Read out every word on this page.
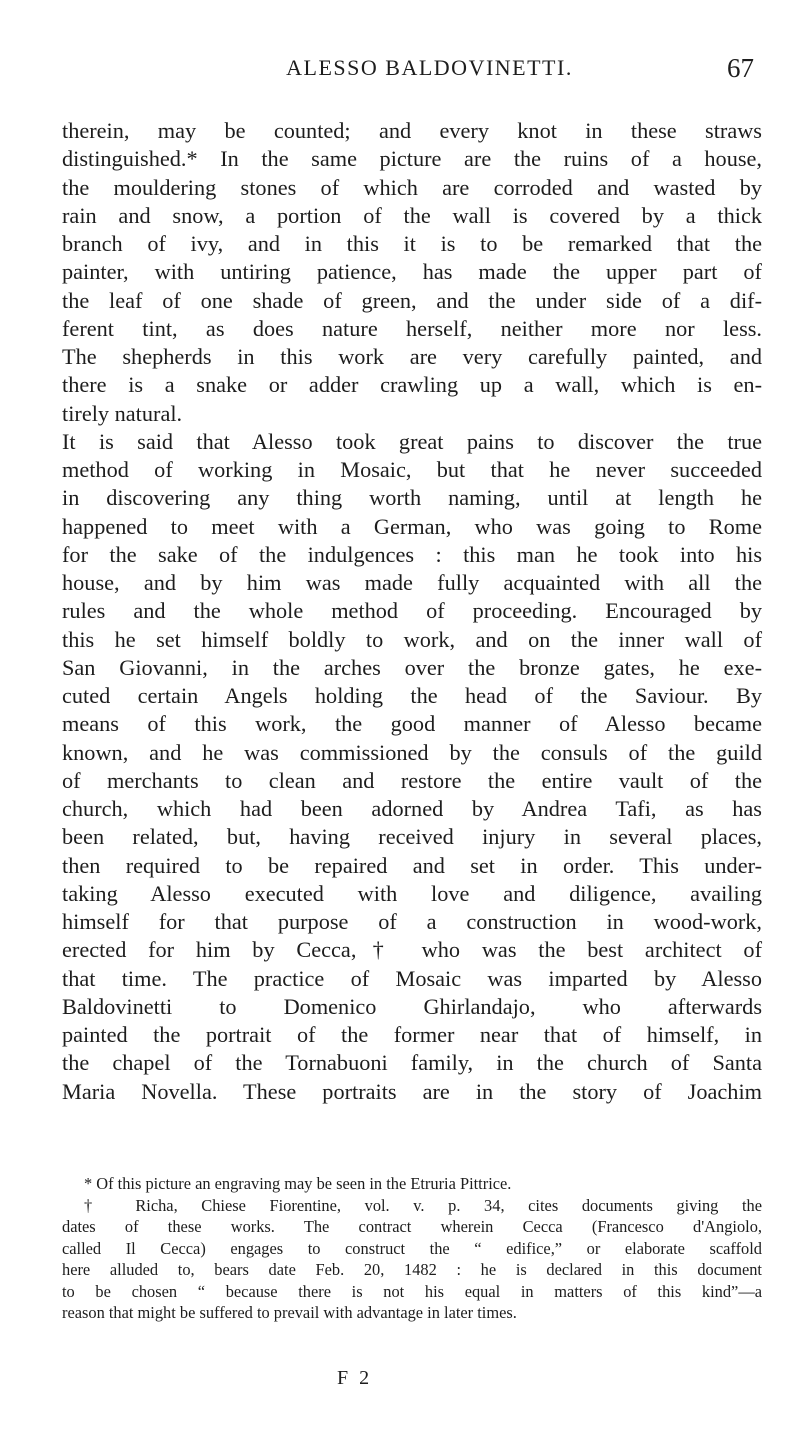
ALESSO BALDOVINETTI.	67
therein, may be counted; and every knot in these straws
distinguished.* In the same picture are the ruins of a house,
the mouldering stones of which are corroded and wasted by
rain and snow, a portion of the wall is covered by a thick
branch of ivy, and in this it is to be remarked that the
painter, with untiring patience, has made the upper part of
the leaf of one shade of green, and the under side of a dif-
ferent tint, as does nature herself, neither more nor less.
The shepherds in this work are very carefully painted, and
there is a snake or adder crawling up a wall, which is en-
tirely natural.
It is said that Alesso took great pains to discover the true
method of working in Mosaic, but that he never succeeded
in discovering any thing worth naming, until at length he
happened to meet with a German, who was going to Rome
for the sake of the indulgences : this man he took into his
house, and by him was made fully acquainted with all the
rules and the whole method of proceeding. Encouraged by
this he set himself boldly to work, and on the inner wall of
San Giovanni, in the arches over the bronze gates, he exe-
cuted certain Angels holding the head of the Saviour. By
means of this work, the good manner of Alesso became
known, and he was commissioned by the consuls of the guild
of merchants to clean and restore the entire vault of the
church, which had been adorned by Andrea Tafi, as has
been related, but, having received injury in several places,
then required to be repaired and set in order. This under-
taking Alesso executed with love and diligence, availing
himself for that purpose of a construction in wood-work,
erected for him by Cecca,† who was the best architect of
that time. The practice of Mosaic was imparted by Alesso
Baldovinetti to Domenico Ghirlandajo, who afterwards
painted the portrait of the former near that of himself, in
the chapel of the Tornabuoni family, in the church of Santa
Maria Novella. These portraits are in the story of Joachim
* Of this picture an engraving may be seen in the Etruria Pittrice.
† Richa, Chiese Fiorentine, vol. v. p. 34, cites documents giving the
dates of these works. The contract wherein Cecca (Francesco d'Angiolo,
called Il Cecca) engages to construct the “ edifice,” or elaborate scaffold
here alluded to, bears date Feb. 20, 1482 : he is declared in this document
to be chosen “ because there is not his equal in matters of this kind”—a
reason that might be suffered to prevail with advantage in later times.
F 2
